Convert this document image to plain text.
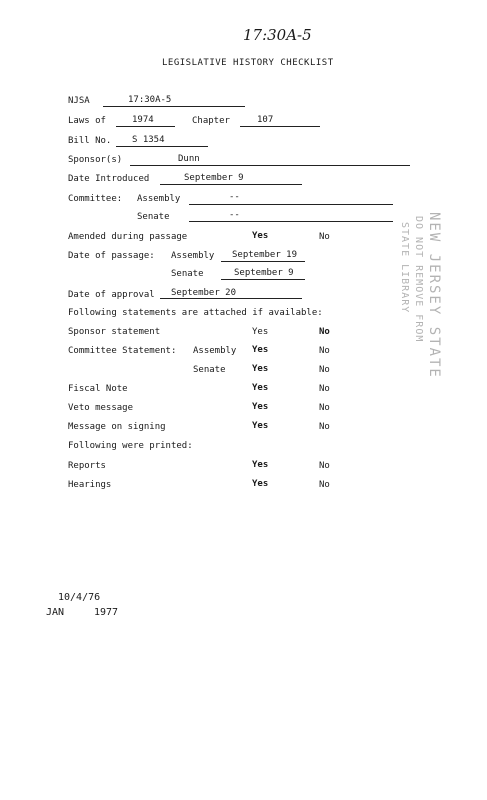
17:30A-5
LEGISLATIVE HISTORY CHECKLIST
NJSA	17:30A-5
Laws of	1974	Chapter	107
Bill No. S 1354
Sponsor(s)	Dunn
Date Introduced	September 9
Committee: Assembly	--
Senate	--
Amended during passage	Yes	No
Date of passage: Assembly September 19
Senate	September 9
Date of approval September 20
Following statements are attached if available:
Sponsor statement	Yes	No
Committee Statement: Assembly Yes	No
Senate	Yes	No
Fiscal Note	Yes	No
Veto message	Yes	No
Message on signing	Yes	No
Following were printed:
Reports	Yes	No
Hearings	Yes	No
NEW JERSEY STATE
DO NOT REMOVE FROM
STATE LIBRARY
10/4/76
JAN	1977
